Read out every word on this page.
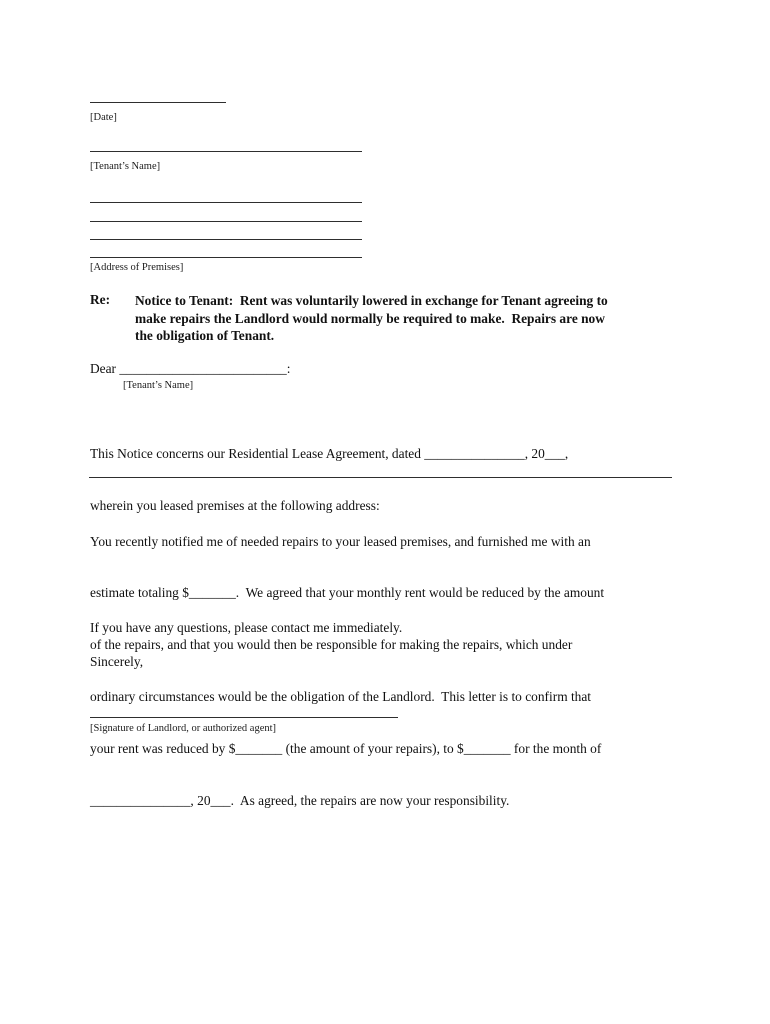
[Date]
[Tenant’s Name]
[Address of Premises]
Re: Notice to Tenant:  Rent was voluntarily lowered in exchange for Tenant agreeing to
make repairs the Landlord would normally be required to make.  Repairs are now
the obligation of Tenant.
Dear _________________________:
[Tenant’s Name]

This Notice concerns our Residential Lease Agreement, dated _______________, 20___,

wherein you leased premises at the following address:

You recently notified me of needed repairs to your leased premises, and furnished me with an

estimate totaling $_______.  We agreed that your monthly rent would be reduced by the amount

of the repairs, and that you would then be responsible for making the repairs, which under

ordinary circumstances would be the obligation of the Landlord.  This letter is to confirm that

your rent was reduced by $_______ (the amount of your repairs), to $_______ for the month of

_______________, 20___.  As agreed, the repairs are now your responsibility.

If you have any questions, please contact me immediately.
Sincerely,
[Signature of Landlord, or authorized agent]
